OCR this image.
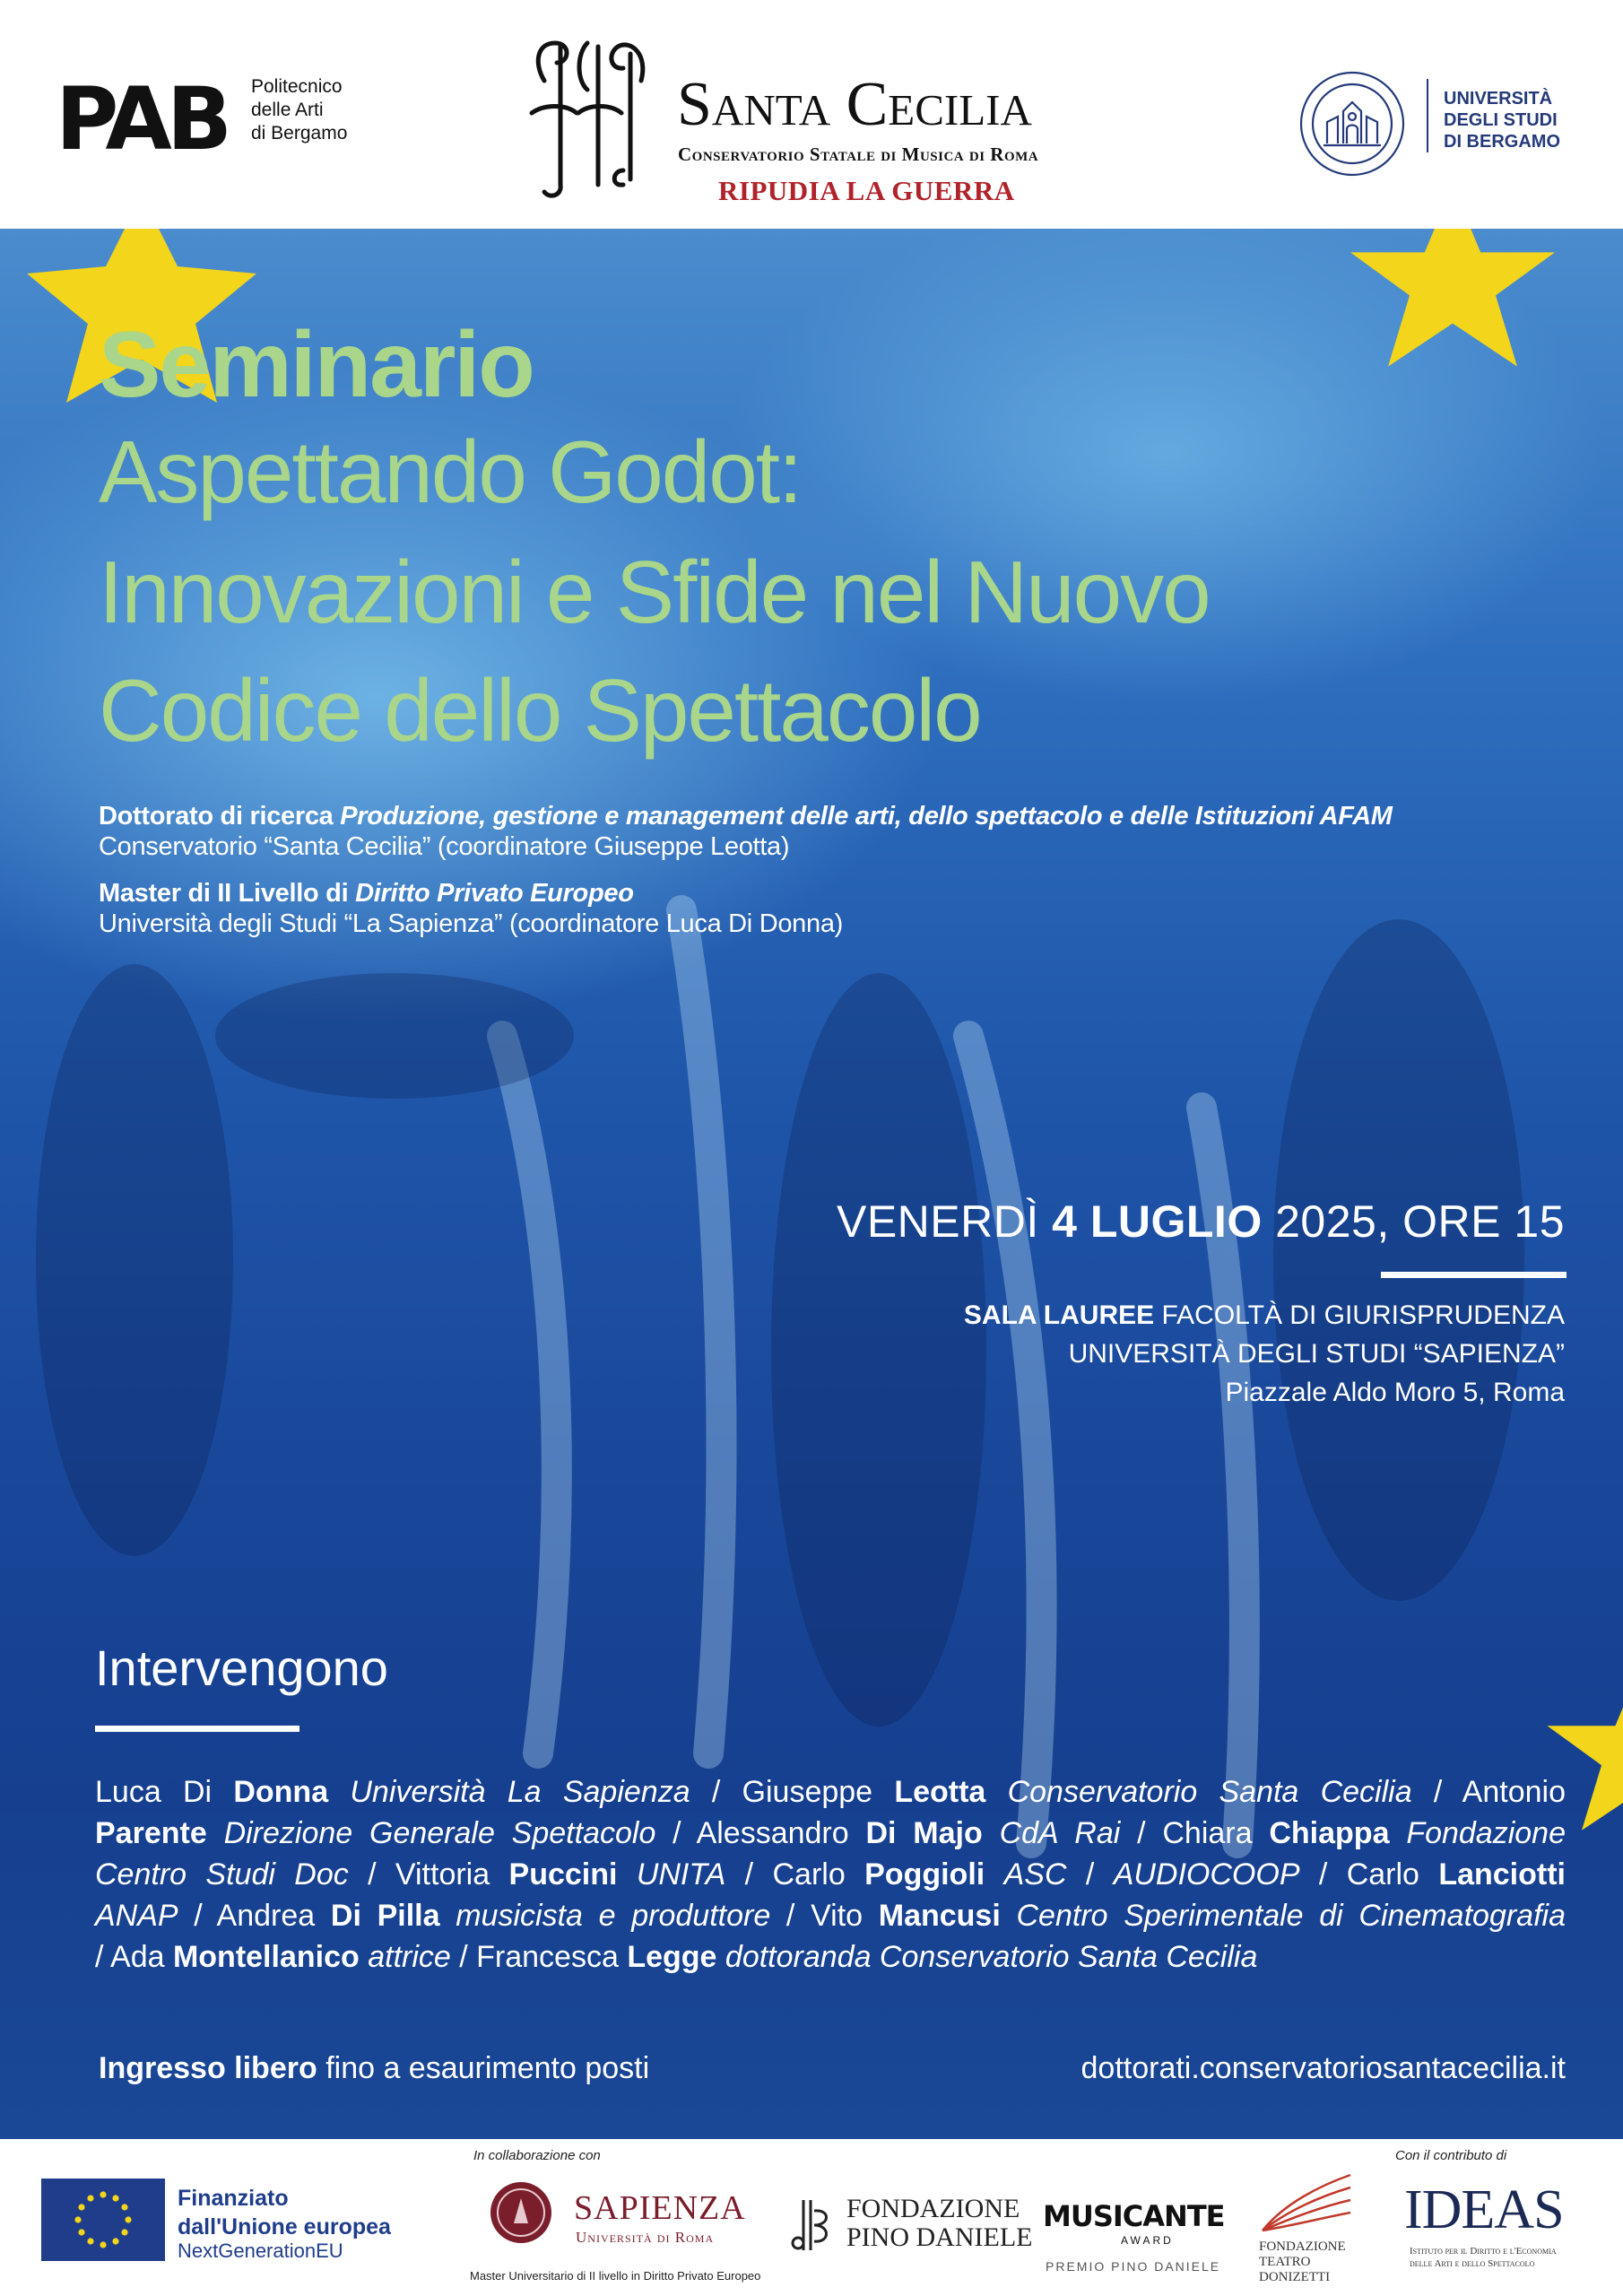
PAB Politecnico
delle Arti
di Bergamo	Santa Cecilia
Conservatorio Statale di Musica di Roma
RIPUDIA LA GUERRA
UNIVERSITÀ
DEGLI STUDI
DI BERGAMO
Seminario
Aspettando Godot:
Innovazioni e Sfide nel Nuovo
Codice dello Spettacolo
Dottorato di ricerca Produzione, gestione e management delle arti, dello spettacolo e delle Istituzioni AFAM
Conservatorio “Santa Cecilia” (coordinatore Giuseppe Leotta)
Master di II Livello di Diritto Privato Europeo
Università degli Studi “La Sapienza” (coordinatore Luca Di Donna)
VENERDÌ 4 LUGLIO 2025, ORE 15
SALA LAUREE FACOLTÀ DI GIURISPRUDENZA
UNIVERSITÀ DEGLI STUDI “SAPIENZA”
Piazzale Aldo Moro 5, Roma
Intervengono
Luca Di Donna Università La Sapienza / Giuseppe Leotta Conservatorio Santa Cecilia / Antonio
Parente Direzione Generale Spettacolo / Alessandro Di Majo CdA Rai / Chiara Chiappa Fondazione
Centro Studi Doc / Vittoria Puccini UNITA / Carlo Poggioli ASC / AUDIOCOOP / Carlo Lanciotti
ANAP / Andrea Di Pilla musicista e produttore / Vito Mancusi Centro Sperimentale di Cinematografia
/ Ada Montellanico attrice / Francesca Legge dottoranda Conservatorio Santa Cecilia
Ingresso libero fino a esaurimento posti	dottorati.conservatoriosantacecilia.it
Finanziato
dall'Unione europea
NextGenerationEU
In collaborazione con	Con il contributo di
SAPIENZA
Università di Roma
Master Universitario di II livello in Diritto Privato Europeo
FONDAZIONE
PINO DANIELE
MUSICANTE
AWARD
PREMIO PINO DANIELE
FONDAZIONE
TEATRO
DONIZETTI
IDEAS
Istituto per il Diritto e l'Economia
delle Arti e dello Spettacolo
